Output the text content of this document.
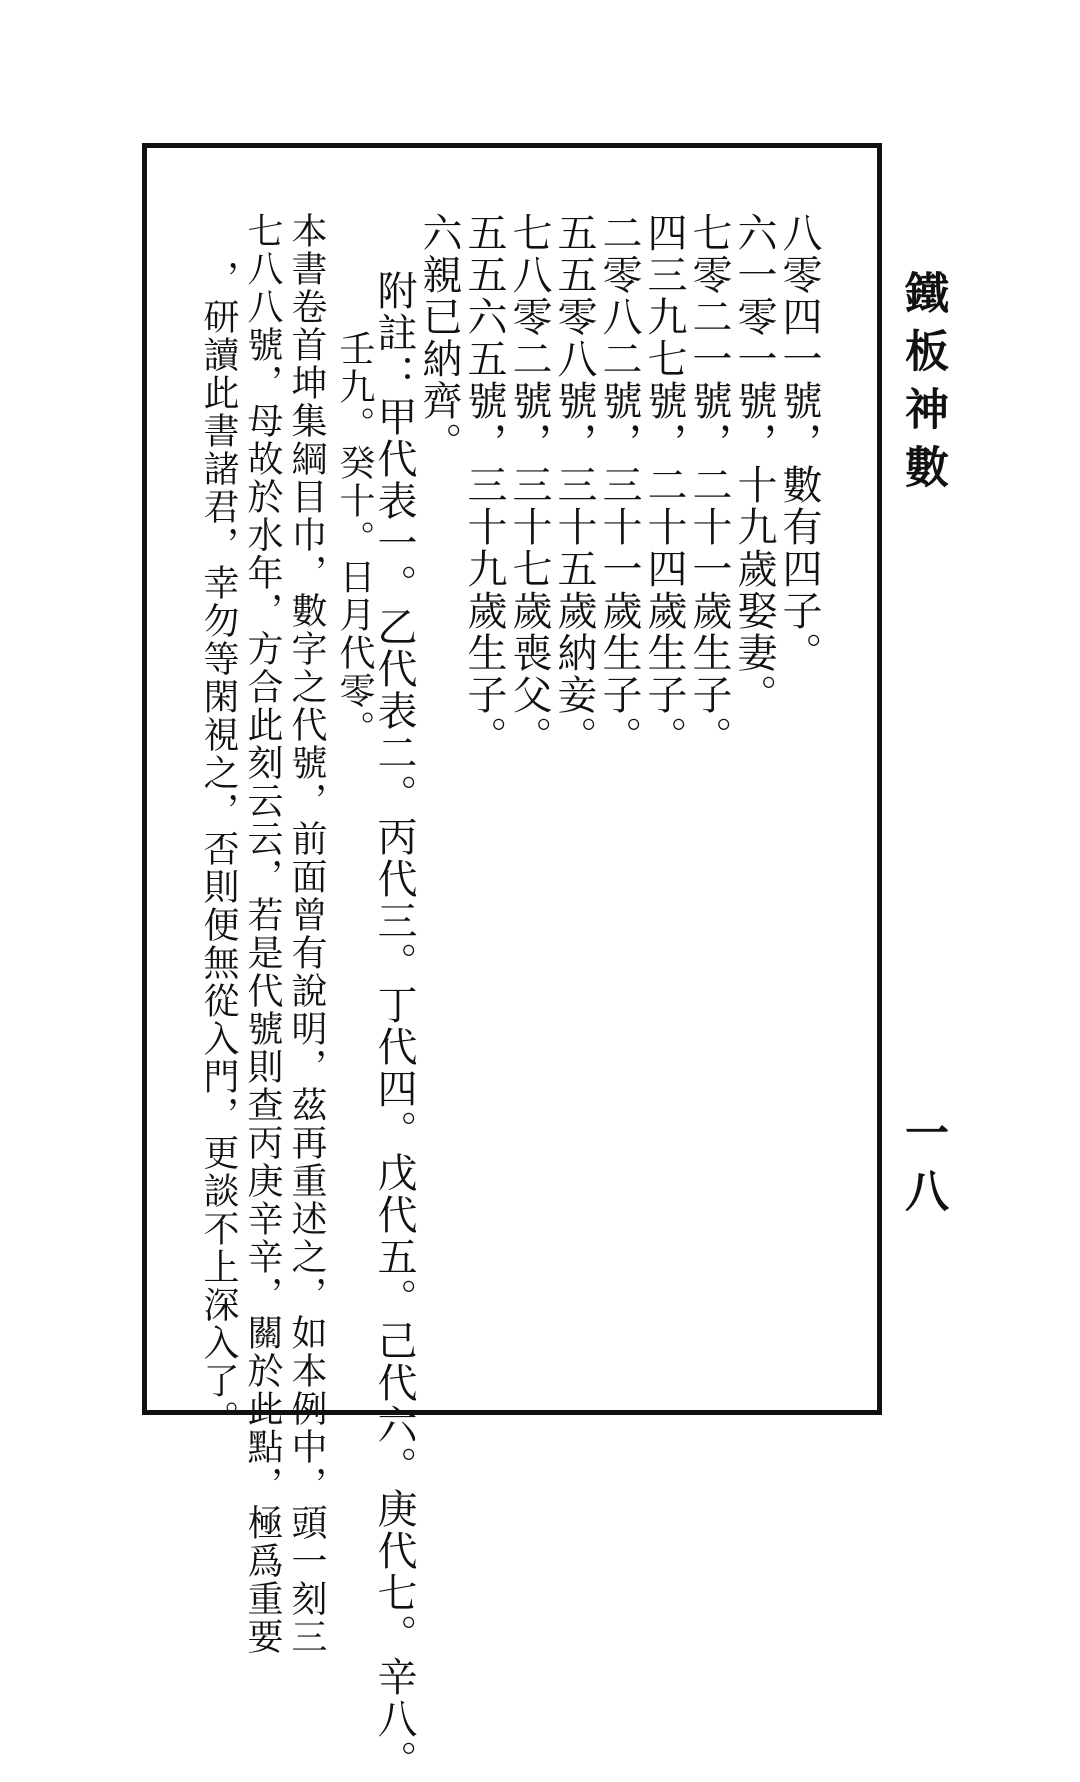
鐵板神數
一八
八零四一號，數有四子。
六一零一號，十九歲娶妻。
七零二一號，二十一歲生子。
四三九七號，二十四歲生子。
二零八二號，三十一歲生子。
五五零八號，三十五歲納妾。
七八零二號，三十七歲喪父。
五五六五號，三十九歲生子。
六親已納齊。
附註：甲代表一。乙代表二。丙代三。丁代四。戊代五。己代六。庚代七。辛八。
壬九。癸十。日月代零。
本書卷首坤集綱目巾，數字之代號，前面曾有說明，茲再重述之，如本例中，頭一刻三
七八八號，母故於水年，方合此刻云云，若是代號則查丙庚辛辛，關於此點，極爲重要
，研讀此書諸君，幸勿等閑視之，否則便無從入門，更談不上深入了。
